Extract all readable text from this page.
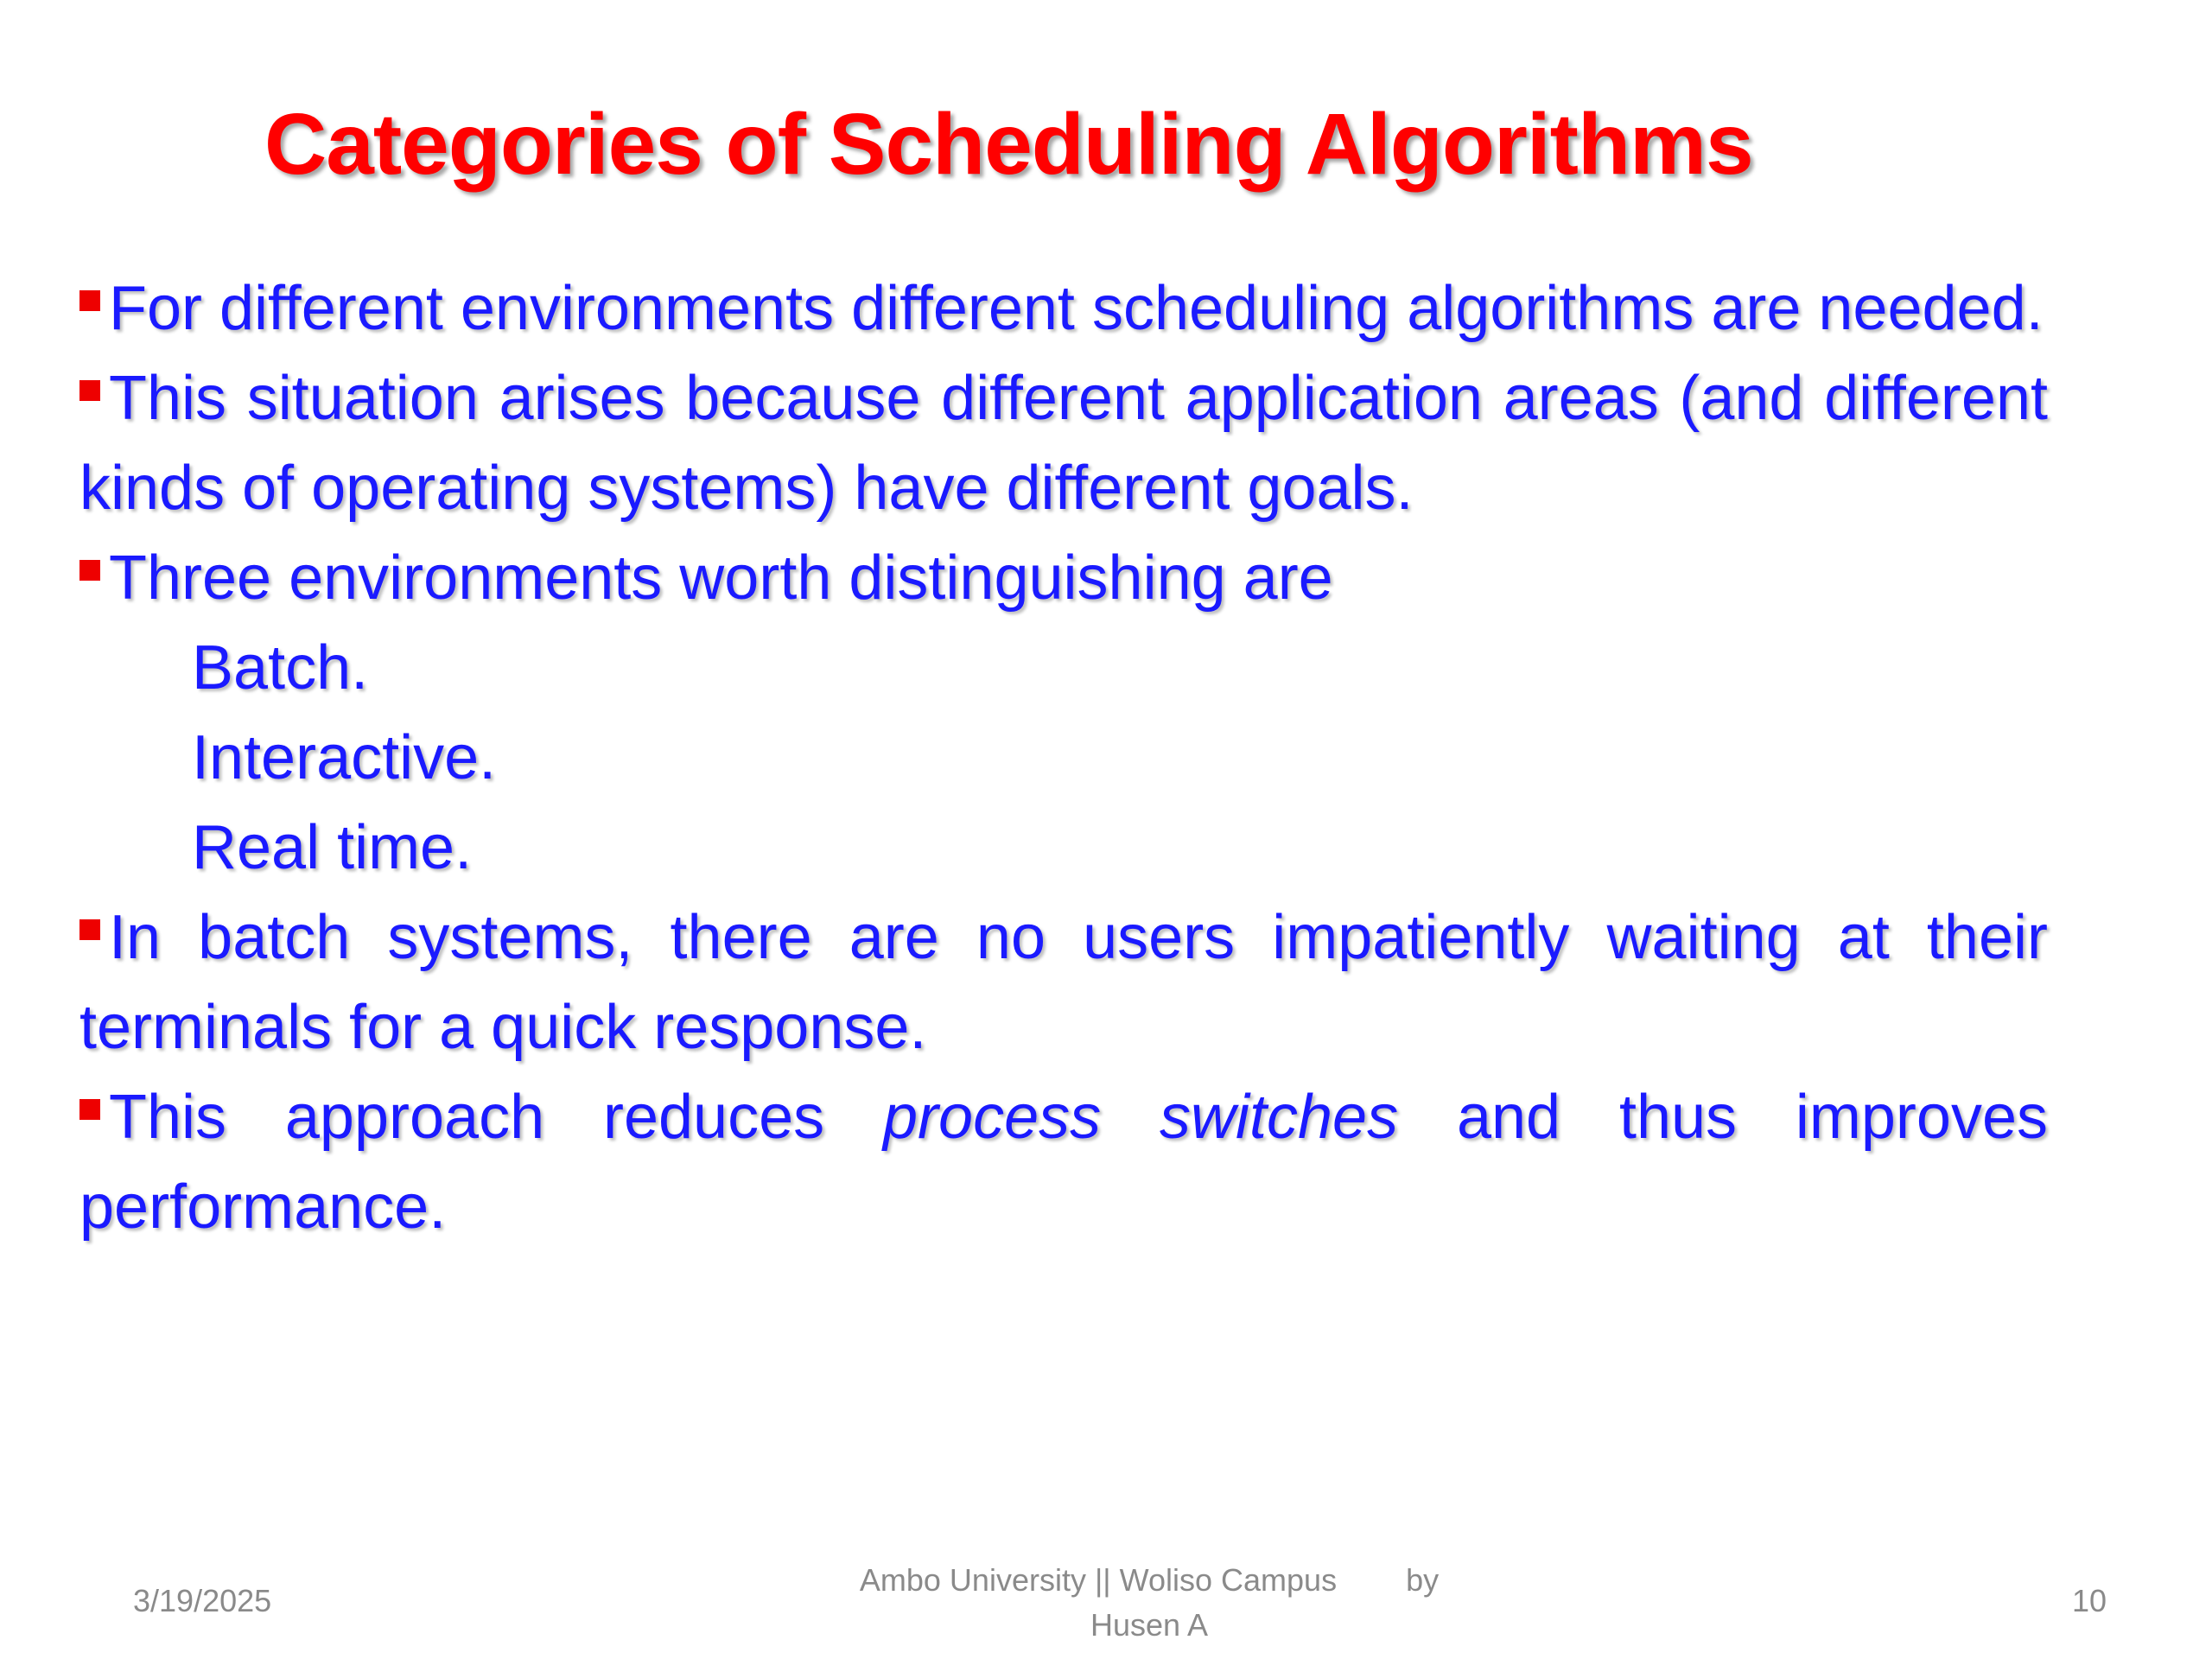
Categories of Scheduling Algorithms

For different environments different scheduling algorithms are needed.

This situation arises because different application areas (and different kinds of operating systems) have different goals.

Three environments worth distinguishing are

Batch.

Interactive.

Real time.

In batch systems, there are no users impatiently waiting at their terminals for a quick response.

This approach reduces process switches and thus improves performance.

3/19/2025
Ambo University || Woliso Campus        by
Husen A
10
